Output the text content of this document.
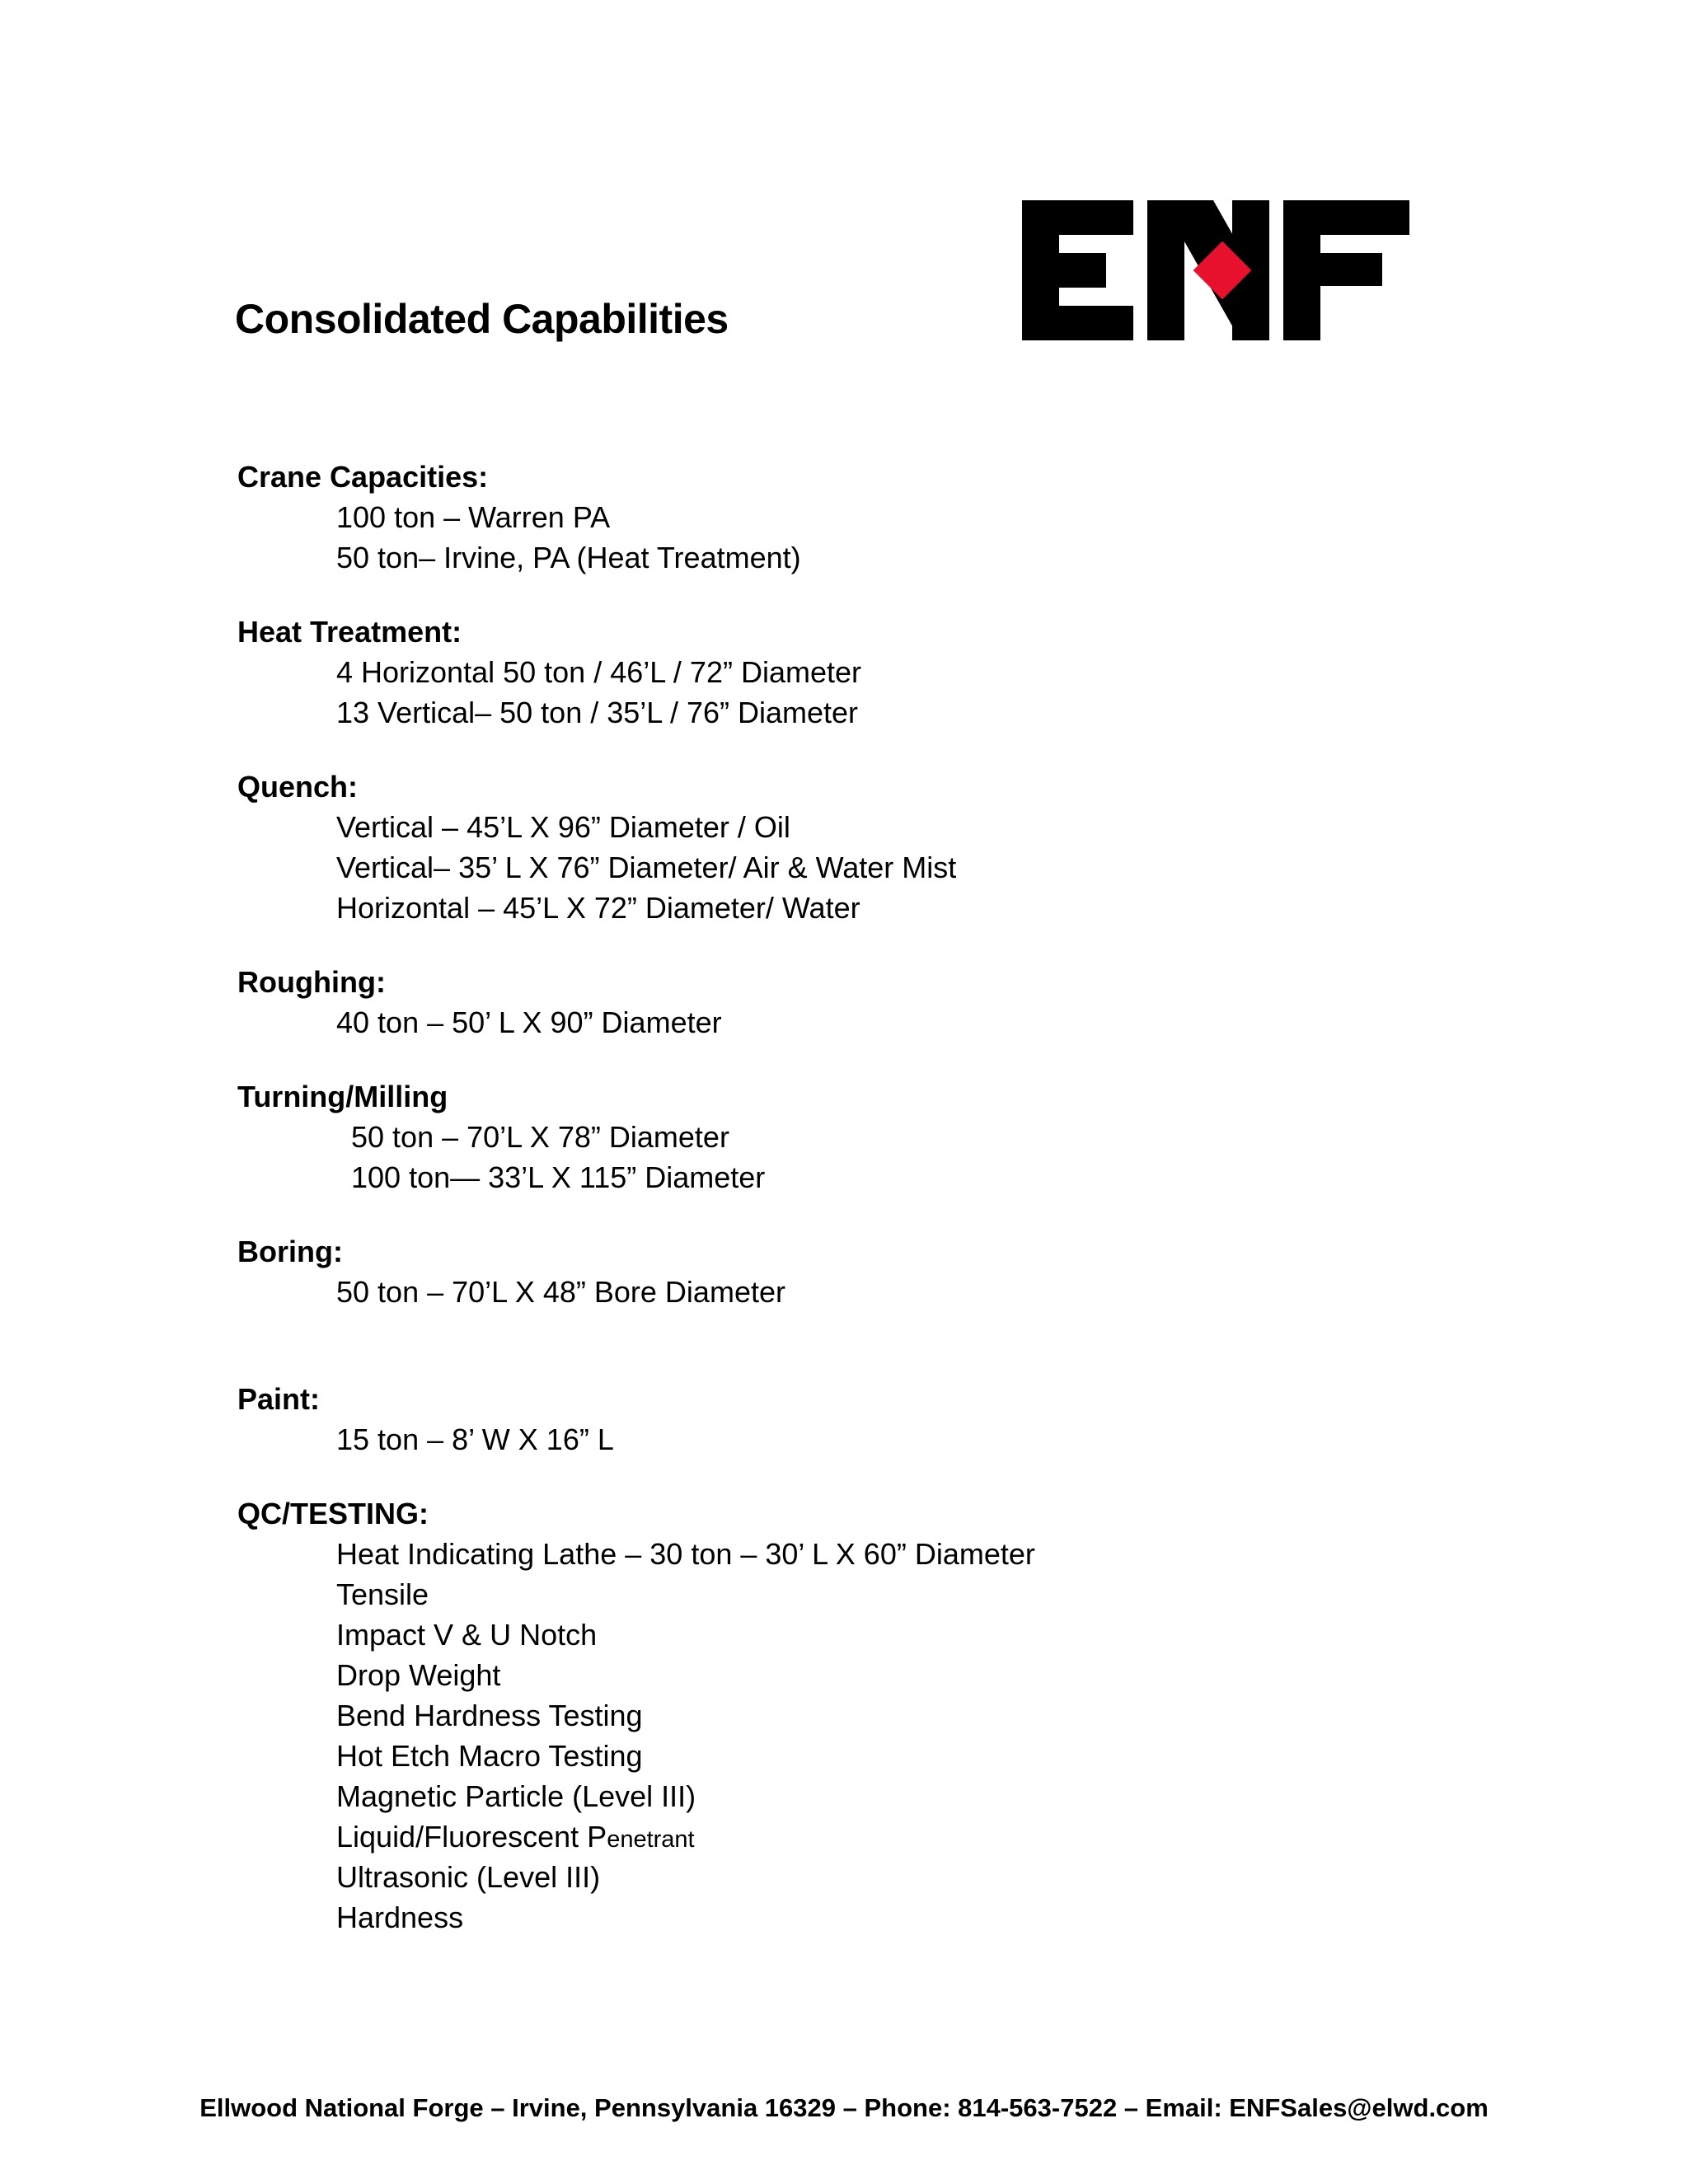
Consolidated Capabilities
Crane Capacities:
100 ton – Warren PA
50 ton– Irvine, PA (Heat Treatment)
Heat Treatment:
4 Horizontal 50 ton / 46’L / 72” Diameter
13 Vertical– 50 ton / 35’L / 76” Diameter
Quench:
Vertical – 45’L X 96” Diameter / Oil
Vertical– 35’ L X 76” Diameter/ Air & Water Mist
Horizontal – 45’L X 72” Diameter/ Water
Roughing:
40 ton – 50’ L X 90” Diameter
Turning/Milling
50 ton – 70’L X 78” Diameter
100 ton— 33’L X 115” Diameter
Boring:
50 ton – 70’L X 48” Bore Diameter
Paint:
15 ton – 8’ W X 16” L
QC/TESTING:
Heat Indicating Lathe – 30 ton – 30’ L X 60” Diameter
Tensile
Impact V & U Notch
Drop Weight
Bend Hardness Testing
Hot Etch Macro Testing
Magnetic Particle (Level III)
Liquid/Fluorescent Penetrant
Ultrasonic (Level III)
Hardness
Ellwood National Forge – Irvine, Pennsylvania 16329 – Phone: 814-563-7522 – Email: ENFSales@elwd.com
